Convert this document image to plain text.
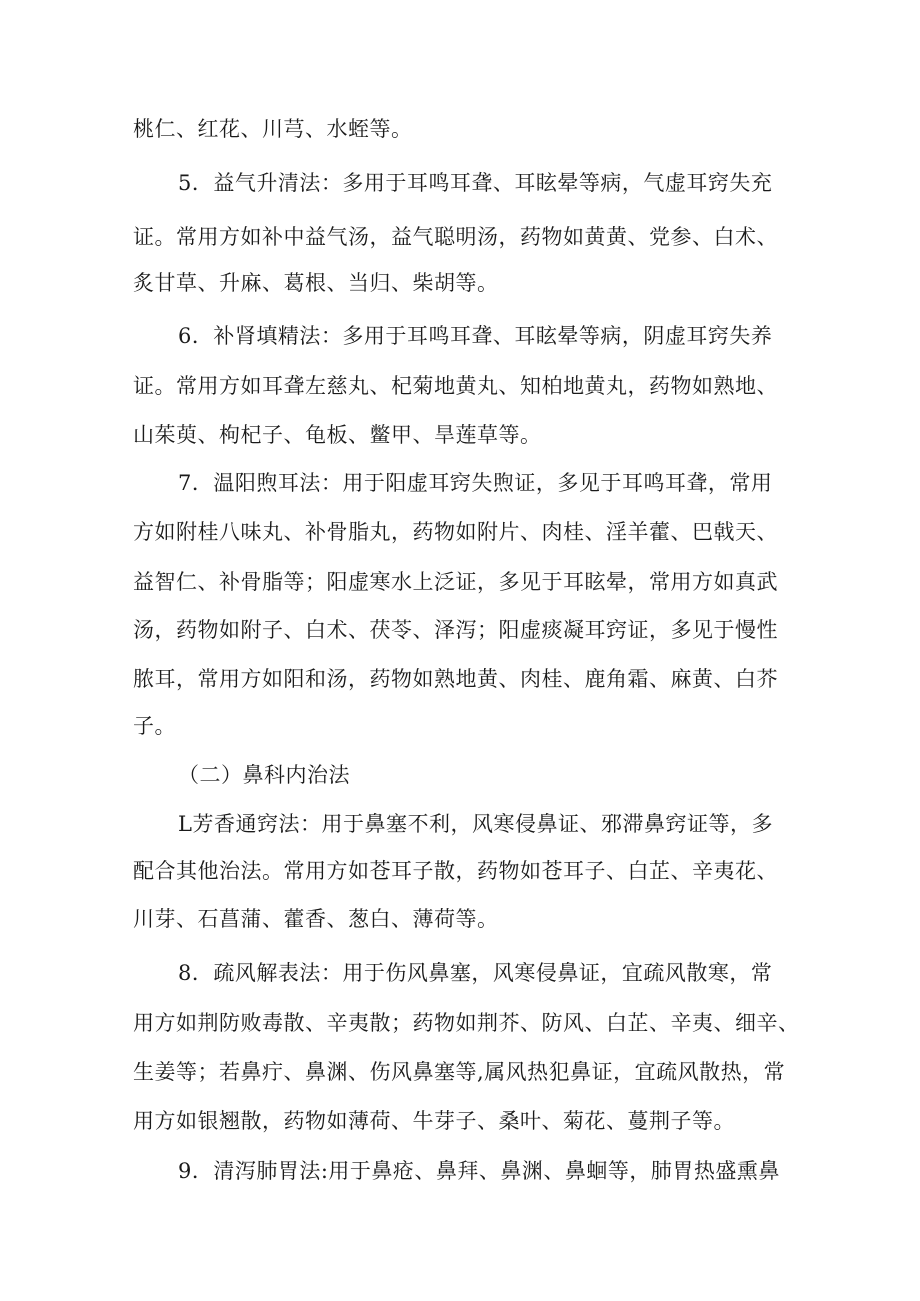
桃仁、红花、川芎、水蛭等。
5．益气升清法：多用于耳鸣耳聋、耳眩晕等病，气虚耳窍失充
证。常用方如补中益气汤，益气聪明汤，药物如黄黄、党参、白术、
炙甘草、升麻、葛根、当归、柴胡等。
6．补肾填精法：多用于耳鸣耳聋、耳眩晕等病，阴虚耳窍失养
证。常用方如耳聋左慈丸、杞菊地黄丸、知柏地黄丸，药物如熟地、
山茱萸、枸杞子、龟板、鳖甲、旱莲草等。
7．温阳煦耳法：用于阳虚耳窍失煦证，多见于耳鸣耳聋，常用
方如附桂八味丸、补骨脂丸，药物如附片、肉桂、淫羊藿、巴戟天、
益智仁、补骨脂等；阳虚寒水上泛证，多见于耳眩晕，常用方如真武
汤，药物如附子、白术、茯苓、泽泻；阳虚痰凝耳窍证，多见于慢性
脓耳，常用方如阳和汤，药物如熟地黄、肉桂、鹿角霜、麻黄、白芥
子。
（二）鼻科内治法
L芳香通窍法：用于鼻塞不利，风寒侵鼻证、邪滞鼻窍证等，多
配合其他治法。常用方如苍耳子散，药物如苍耳子、白芷、辛夷花、
川芽、石菖蒲、藿香、葱白、薄荷等。
8．疏风解表法：用于伤风鼻塞，风寒侵鼻证，宜疏风散寒，常
用方如荆防败毒散、辛夷散；药物如荆芥、防风、白芷、辛夷、细辛、
生姜等；若鼻疔、鼻渊、伤风鼻塞等,属风热犯鼻证，宜疏风散热，常
用方如银翘散，药物如薄荷、牛芽子、桑叶、菊花、蔓荆子等。
9．清泻肺胃法:用于鼻疮、鼻拜、鼻渊、鼻蛔等，肺胃热盛熏鼻
